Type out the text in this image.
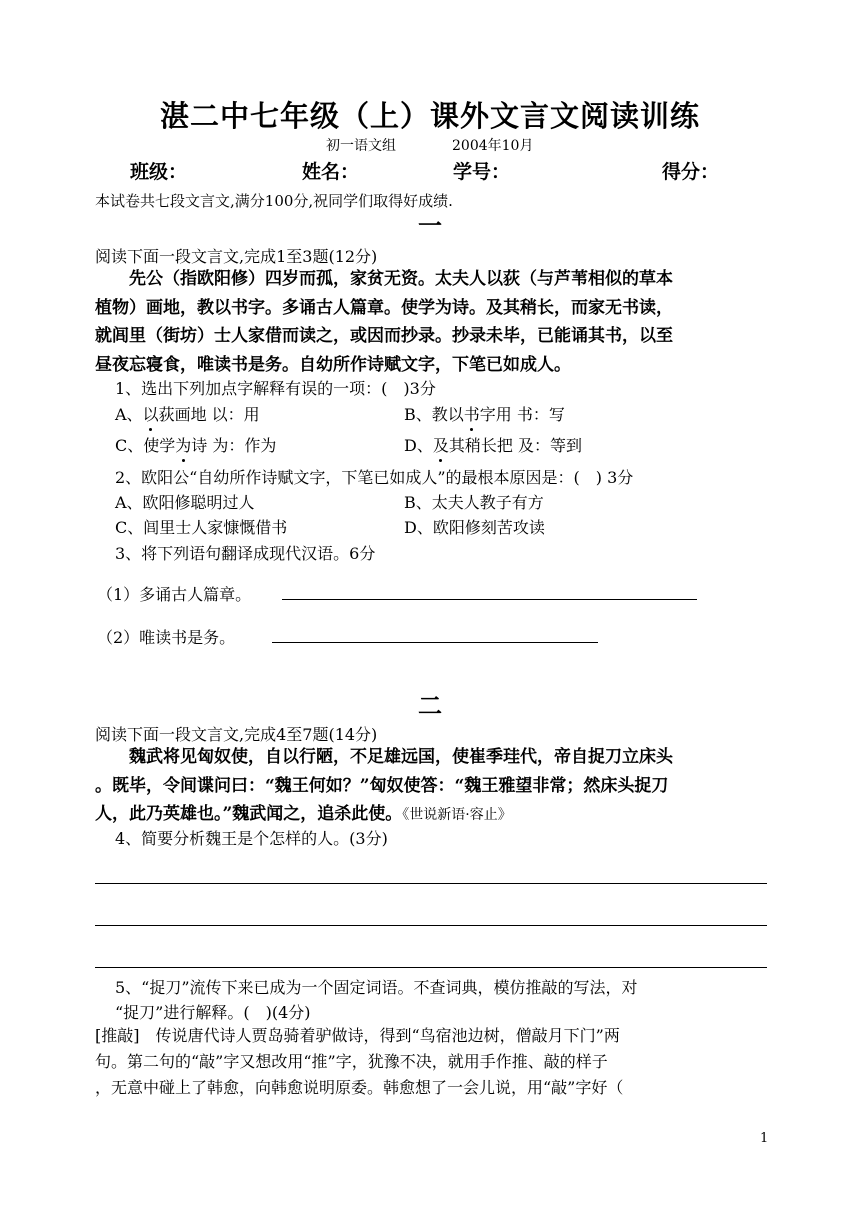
湛二中七年级（上）课外文言文阅读训练
初一语文组	2004年10月
班级：	姓名：	学号：	得分：
本试卷共七段文言文,满分100分,祝同学们取得好成绩.
一
阅读下面一段文言文,完成1至3题(12分)
先公（指欧阳修）四岁而孤，家贫无资。太夫人以荻（与芦苇相似的草本
植物）画地，教以书字。多诵古人篇章。使学为诗。及其稍长，而家无书读，
就闾里（街坊）士人家借而读之，或因而抄录。抄录未毕，已能诵其书，以至
昼夜忘寝食，唯读书是务。自幼所作诗赋文字，下笔已如成人。
1、选出下列加点字解释有误的一项：(　)3分
A、以荻画地 以：用	B、教以书字用 书：写
C、使学为诗 为：作为	D、及其稍长把 及：等到
2、欧阳公“自幼所作诗赋文字，下笔已如成人”的最根本原因是：(　) 3分
A、欧阳修聪明过人	B、太夫人教子有方
C、闾里士人家慷慨借书	D、欧阳修刻苦攻读
3、将下列语句翻译成现代汉语。6分
（1）多诵古人篇章。
（2）唯读书是务。
二
阅读下面一段文言文,完成4至7题(14分)
魏武将见匈奴使，自以行陋，不足雄远国，使崔季珪代，帝自捉刀立床头
。既毕，令间谍问曰：“魏王何如？”匈奴使答：“魏王雅望非常；然床头捉刀
人，此乃英雄也。”魏武闻之，追杀此使。《世说新语·容止》
4、简要分析魏王是个怎样的人。(3分)
5、“捉刀”流传下来已成为一个固定词语。不查词典，模仿推敲的写法，对
“捉刀”进行解释。(　)(4分)
[推敲]　传说唐代诗人贾岛骑着驴做诗，得到“鸟宿池边树，僧敲月下门”两
句。第二句的“敲”字又想改用“推”字，犹豫不决，就用手作推、敲的样子
，无意中碰上了韩愈，向韩愈说明原委。韩愈想了一会儿说，用“敲”字好（
1
